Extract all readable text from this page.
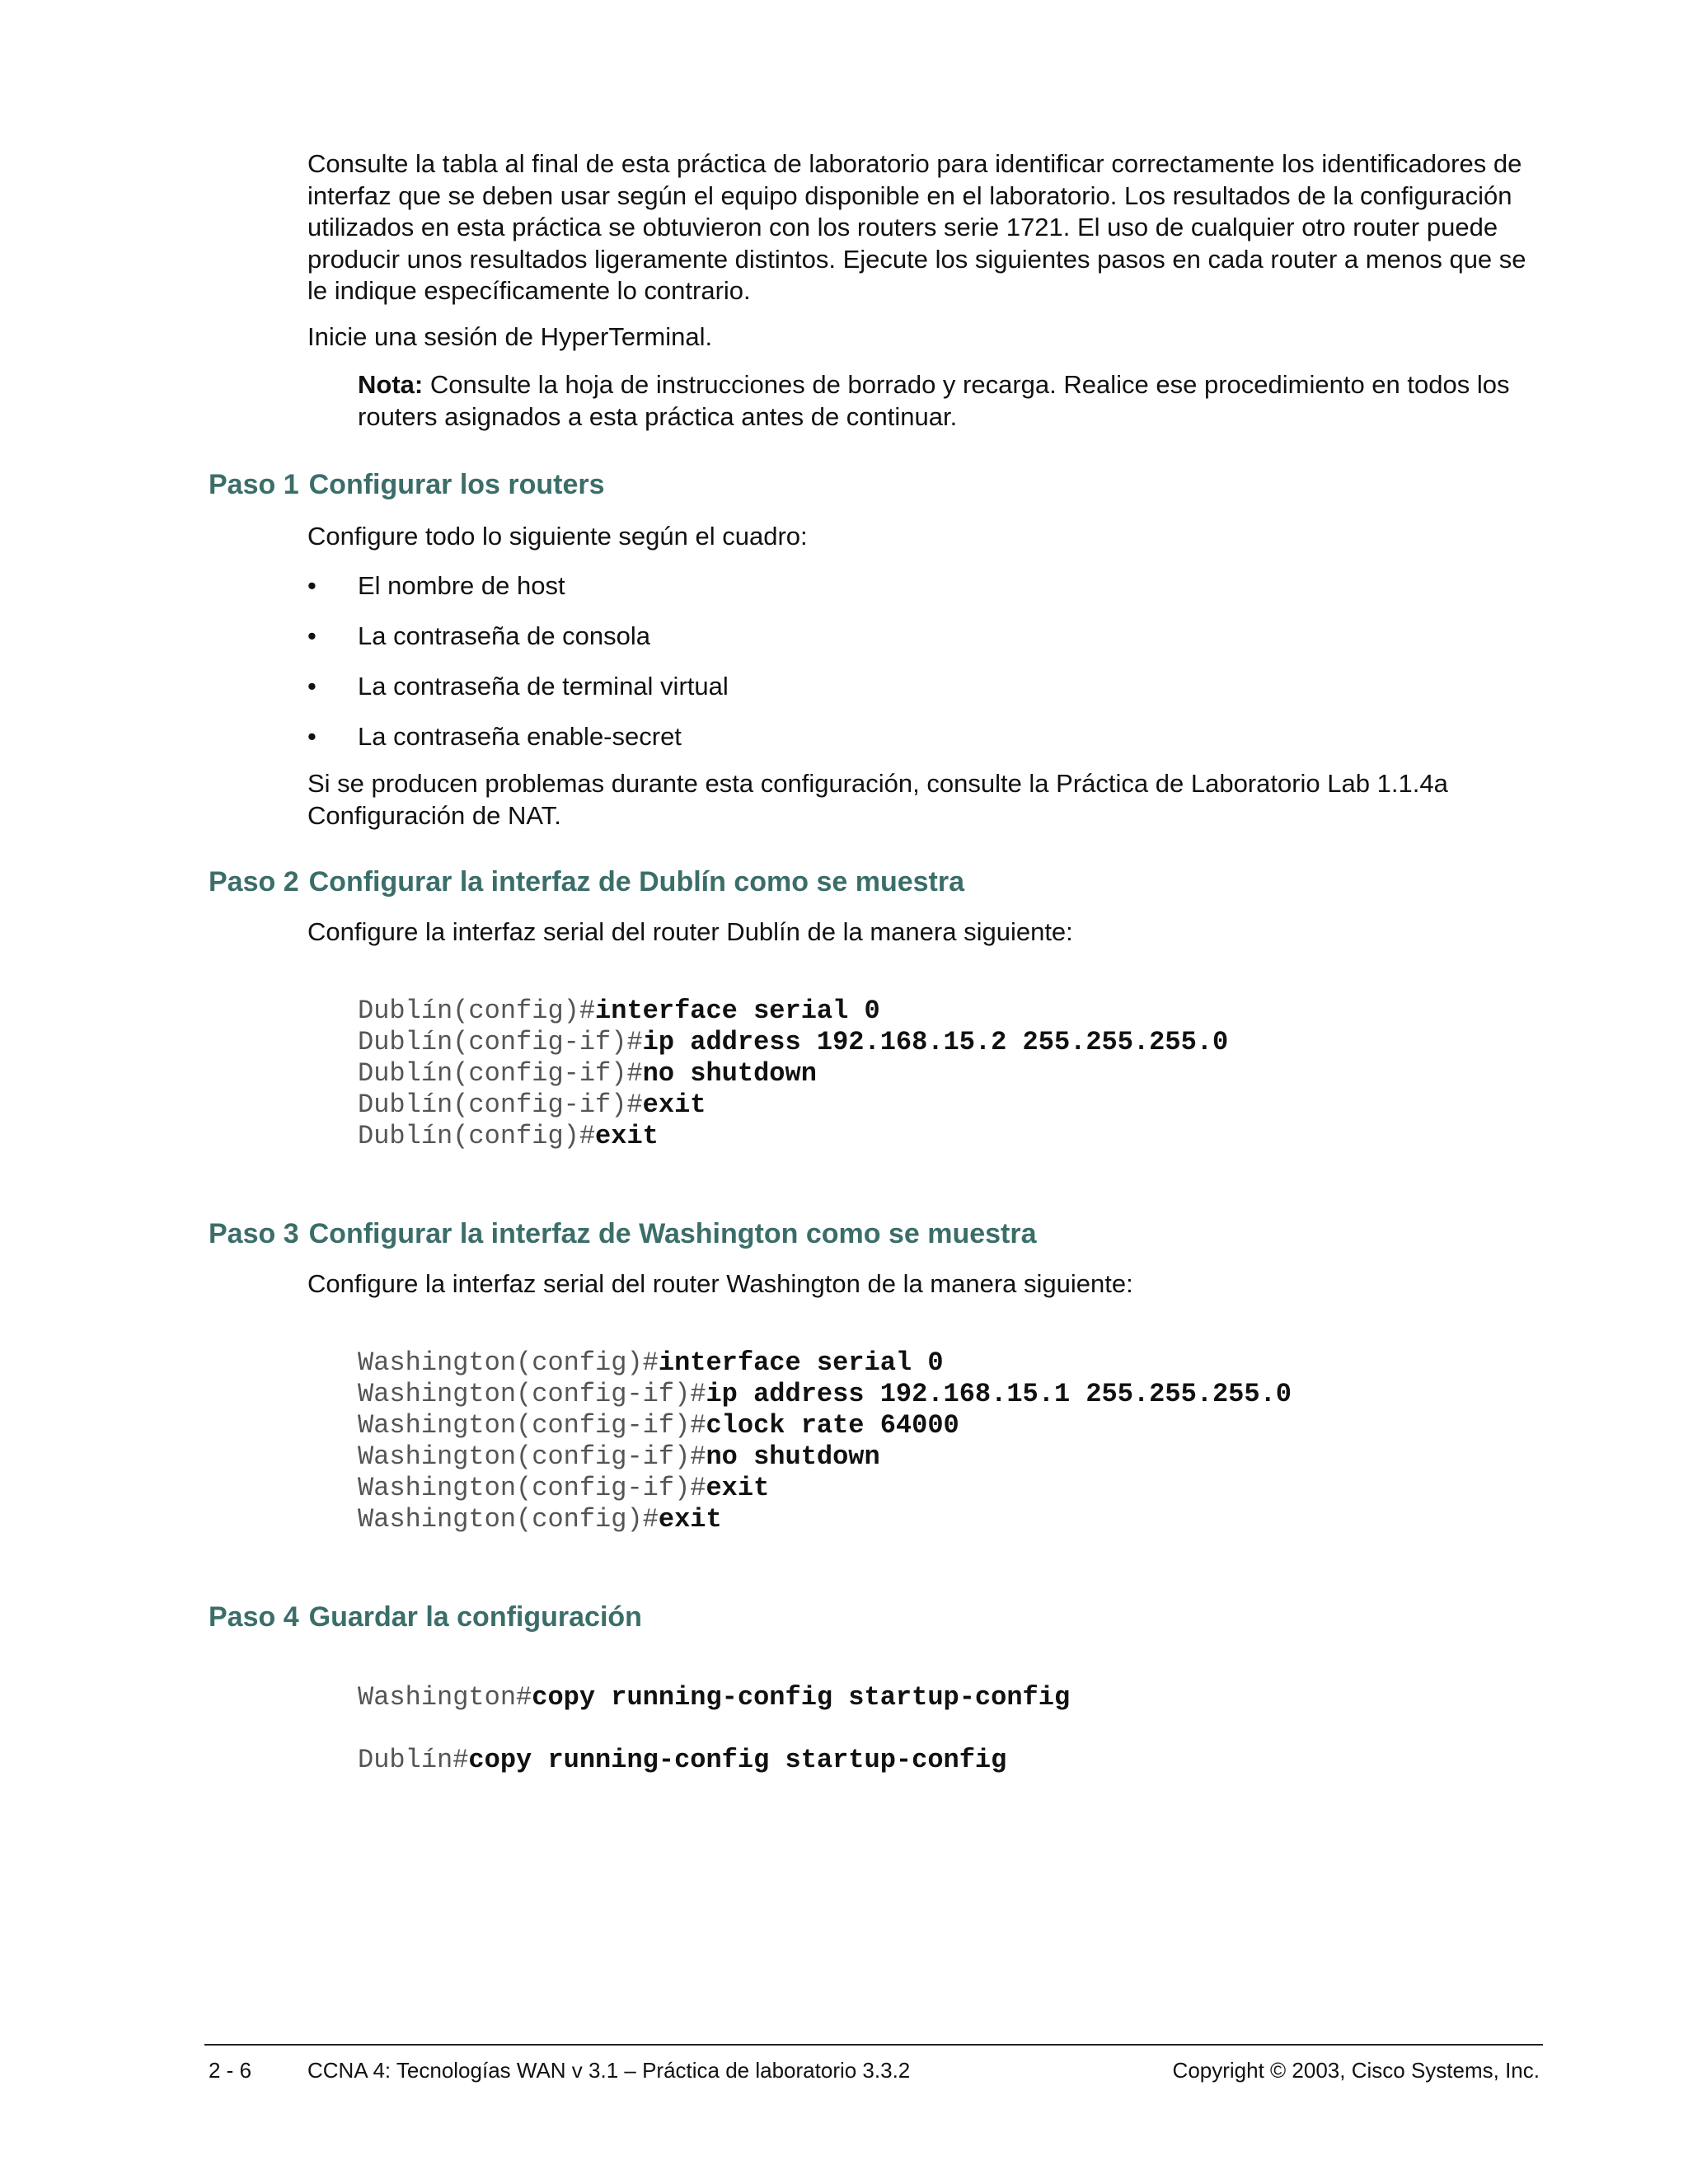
Consulte la tabla al final de esta práctica de laboratorio para identificar correctamente los identificadores de interfaz que se deben usar según el equipo disponible en el laboratorio. Los resultados de la configuración utilizados en esta práctica se obtuvieron con los routers serie 1721. El uso de cualquier otro router puede producir unos resultados ligeramente distintos. Ejecute los siguientes pasos en cada router a menos que se le indique específicamente lo contrario.

Inicie una sesión de HyperTerminal.

Nota: Consulte la hoja de instrucciones de borrado y recarga. Realice ese procedimiento en todos los routers asignados a esta práctica antes de continuar.

Paso 1 Configurar los routers

Configure todo lo siguiente según el cuadro:

• El nombre de host
• La contraseña de consola
• La contraseña de terminal virtual
• La contraseña enable-secret

Si se producen problemas durante esta configuración, consulte la Práctica de Laboratorio Lab 1.1.4a Configuración de NAT.

Paso 2 Configurar la interfaz de Dublín como se muestra

Configure la interfaz serial del router Dublín de la manera siguiente:

Dublín(config)#interface serial 0
Dublín(config-if)#ip address 192.168.15.2 255.255.255.0
Dublín(config-if)#no shutdown
Dublín(config-if)#exit
Dublín(config)#exit
Paso 3 Configurar la interfaz de Washington como se muestra

Configure la interfaz serial del router Washington de la manera siguiente:

Washington(config)#interface serial 0
Washington(config-if)#ip address 192.168.15.1 255.255.255.0
Washington(config-if)#clock rate 64000
Washington(config-if)#no shutdown
Washington(config-if)#exit
Washington(config)#exit
Paso 4 Guardar la configuración
Washington#copy running-config startup-config
Dublín#copy running-config startup-config
2 - 6	CCNA 4: Tecnologías WAN v 3.1 – Práctica de laboratorio 3.3.2	Copyright © 2003, Cisco Systems, Inc.
